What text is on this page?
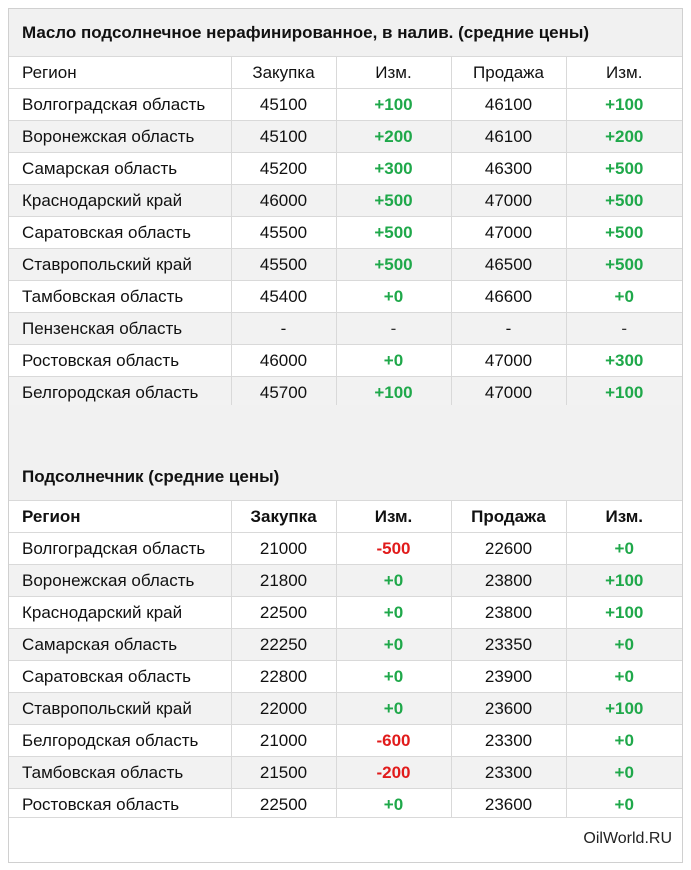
Масло подсолнечное нерафинированное, в налив. (средние цены)
Регион	Закупка	Изм.	Продажа	Изм.
Волгоградская область	45100	+100	46100	+100
Воронежская область	45100	+200	46100	+200
Самарская область	45200	+300	46300	+500
Краснодарский край	46000	+500	47000	+500
Саратовская область	45500	+500	47000	+500
Ставропольский край	45500	+500	46500	+500
Тамбовская область	45400	+0	46600	+0
Пензенская область	-	-	-	-
Ростовская область	46000	+0	47000	+300
Белгородская область	45700	+100	47000	+100
Подсолнечник (средние цены)
Регион	Закупка	Изм.	Продажа	Изм.
Волгоградская область	21000	-500	22600	+0
Воронежская область	21800	+0	23800	+100
Краснодарский край	22500	+0	23800	+100
Самарская область	22250	+0	23350	+0
Саратовская область	22800	+0	23900	+0
Ставропольский край	22000	+0	23600	+100
Белгородская область	21000	-600	23300	+0
Тамбовская область	21500	-200	23300	+0
Ростовская область	22500	+0	23600	+0
OilWorld.RU
